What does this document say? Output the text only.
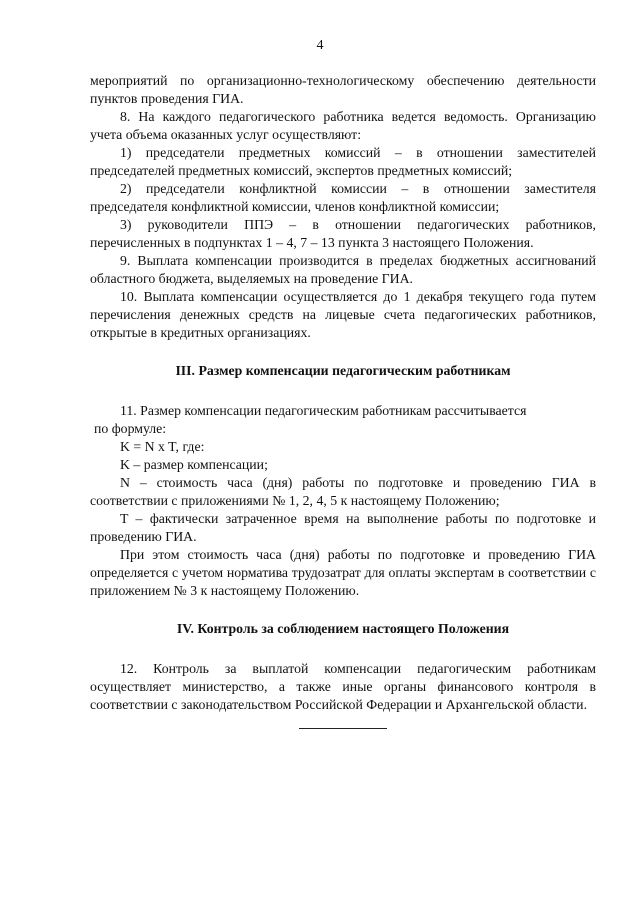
4

мероприятий по организационно-технологическому обеспечению деятельности пунктов проведения ГИА.

8. На каждого педагогического работника ведется ведомость. Организацию учета объема оказанных услуг осуществляют:

1) председатели предметных комиссий – в отношении заместителей председателей предметных комиссий, экспертов предметных комиссий;

2) председатели конфликтной комиссии – в отношении заместителя председателя конфликтной комиссии, членов конфликтной комиссии;

3) руководители ППЭ – в отношении педагогических работников, перечисленных в подпунктах 1 – 4, 7 – 13 пункта 3 настоящего Положения.

9. Выплата компенсации производится в пределах бюджетных ассигнований областного бюджета, выделяемых на проведение ГИА.

10. Выплата компенсации осуществляется до 1 декабря текущего года путем перечисления денежных средств на лицевые счета педагогических работников, открытые в кредитных организациях.

III. Размер компенсации педагогическим работникам

11. Размер компенсации педагогическим работникам рассчитывается

по формуле:

K = N x T, где:

K – размер компенсации;

N – стоимость часа (дня) работы по подготовке и проведению ГИА в соответствии с приложениями № 1, 2, 4, 5 к настоящему Положению;

T – фактически затраченное время на выполнение работы по подготовке и проведению ГИА.

При этом стоимость часа (дня) работы по подготовке и проведению ГИА определяется с учетом норматива трудозатрат для оплаты экспертам в соответствии с приложением № 3 к настоящему Положению.

IV. Контроль за соблюдением настоящего Положения

12. Контроль за выплатой компенсации педагогическим работникам осуществляет министерство, а также иные органы финансового контроля в соответствии с законодательством Российской Федерации и Архангельской области.
